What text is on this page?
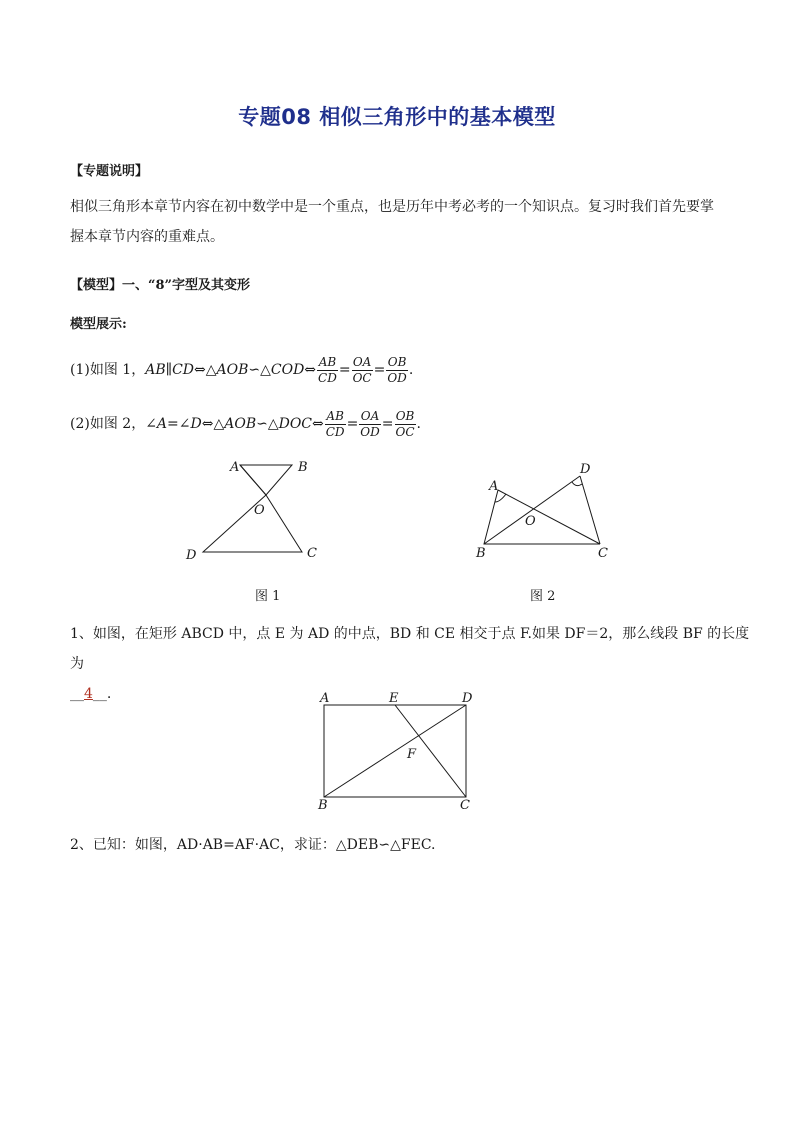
专题08 相似三角形中的基本模型
【专题说明】
相似三角形本章节内容在初中数学中是一个重点，也是历年中考必考的一个知识点。复习时我们首先要掌
握本章节内容的重难点。
【模型】一、“8”字型及其变形
模型展示:
(1)如图 1，AB∥CD⇔△AOB∽△COD⇔ $\frac{AB}{CD} = \frac{OA}{OC} = \frac{OB}{OD}$ .
(2)如图 2，∠A=∠D⇔△AOB∽△DOC⇔ $\frac{AB}{CD} = \frac{OA}{OD} = \frac{OB}{OC}$ .
A	B
O
D	C
图 1
A
D
O
B	C
图 2
1、如图，在矩形 ABCD 中，点 E 为 AD 的中点，BD 和 CE 相交于点 F.如果 DF＝2，那么线段 BF 的长度为
__4__.	A	E	D
F
B	C
2、已知：如图，AD·AB=AF·AC，求证：△DEB∽△FEC.
